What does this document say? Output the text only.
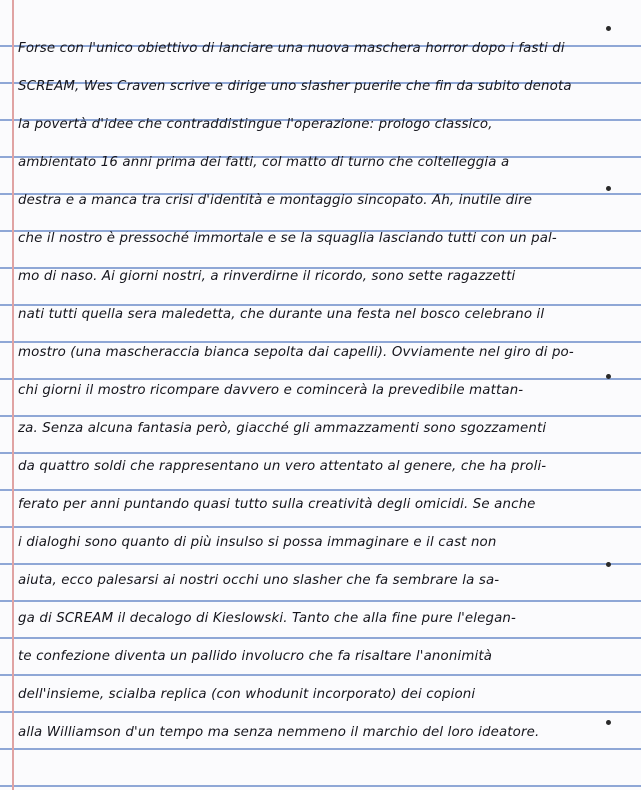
Forse con l'unico obiettivo di lanciare una nuova maschera horror dopo i fasti di
SCREAM, Wes Craven scrive e dirige uno slasher puerile che fin da subito denota
la povertà d'idee che contraddistingue l'operazione: prologo classico,
ambientato 16 anni prima dei fatti, col matto di turno che coltelleggia a
destra e a manca tra crisi d'identità e montaggio sincopato. Ah, inutile dire
che il nostro è pressoché immortale e se la squaglia lasciando tutti con un pal-
mo di naso. Ai giorni nostri, a rinverdirne il ricordo, sono sette ragazzetti
nati tutti quella sera maledetta, che durante una festa nel bosco celebrano il
mostro (una mascheraccia bianca sepolta dai capelli). Ovviamente nel giro di po-
chi giorni il mostro ricompare davvero e comincerà la prevedibile mattan-
za. Senza alcuna fantasia però, giacché gli ammazzamenti sono sgozzamenti
da quattro soldi che rappresentano un vero attentato al genere, che ha proli-
ferato per anni puntando quasi tutto sulla creatività degli omicidi. Se anche
i dialoghi sono quanto di più insulso si possa immaginare e il cast non
aiuta, ecco palesarsi ai nostri occhi uno slasher che fa sembrare la sa-
ga di SCREAM il decalogo di Kieslowski. Tanto che alla fine pure l'elegan-
te confezione diventa un pallido involucro che fa risaltare l'anonimità
dell'insieme, scialba replica (con whodunit incorporato) dei copioni
alla Williamson d'un tempo ma senza nemmeno il marchio del loro ideatore.
